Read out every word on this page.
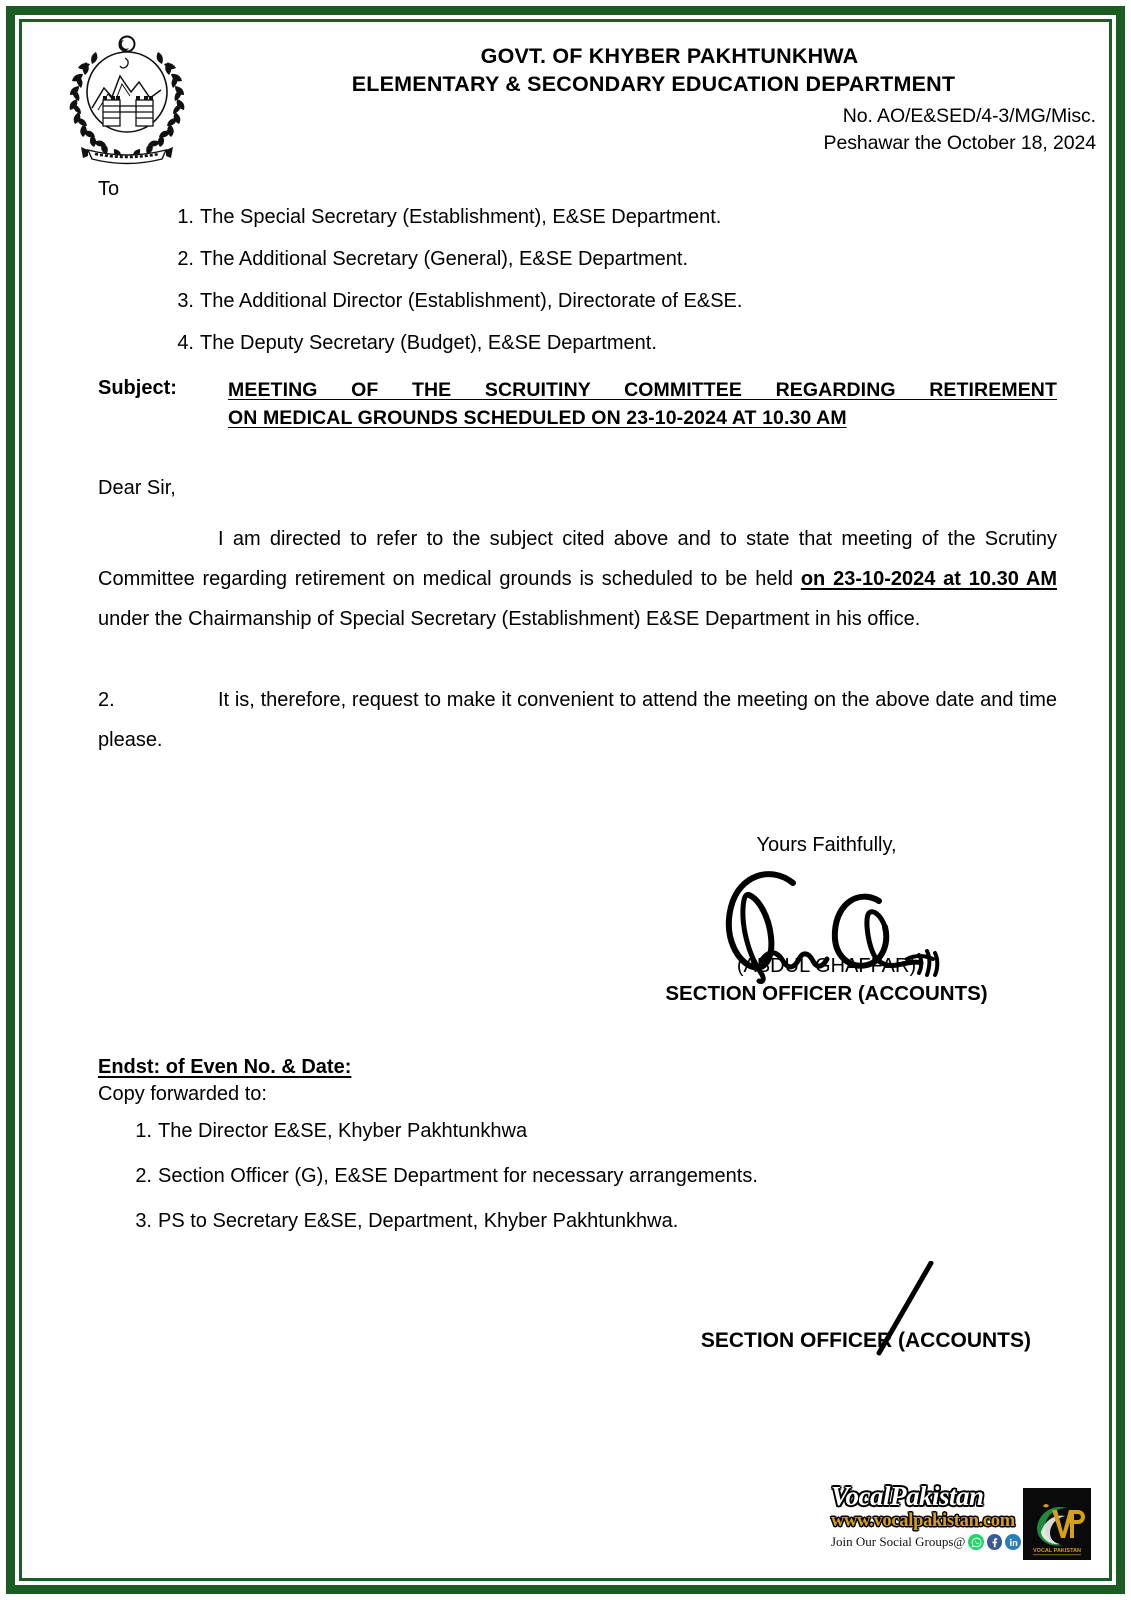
GOVT. OF KHYBER PAKHTUNKHWA
ELEMENTARY & SECONDARY EDUCATION DEPARTMENT
No. AO/E&SED/4-3/MG/Misc.
Peshawar the October 18, 2024
To
1. The Special Secretary (Establishment), E&SE Department.
2. The Additional Secretary (General), E&SE Department.
3. The Additional Director (Establishment), Directorate of E&SE.
4. The Deputy Secretary (Budget), E&SE Department.
Subject:	MEETING OF THE SCRUITINY COMMITTEE REGARDING RETIREMENT
ON MEDICAL GROUNDS SCHEDULED ON 23-10-2024 AT 10.30 AM
Dear Sir,

I am directed to refer to the subject cited above and to state that meeting of the Scrutiny Committee regarding retirement on medical grounds is scheduled to be held on 23-10-2024 at 10.30 AM under the Chairmanship of Special Secretary (Establishment) E&SE Department in his office.

2.	It is, therefore, request to make it convenient to attend the meeting on the above date and time please.

Yours Faithfully,
(ABDUL GHAFFAR)
SECTION OFFICER (ACCOUNTS)
Endst: of Even No. & Date:
Copy forwarded to:
1. The Director E&SE, Khyber Pakhtunkhwa
2. Section Officer (G), E&SE Department for necessary arrangements.
3. PS to Secretary E&SE, Department, Khyber Pakhtunkhwa.
SECTION OFFICER (ACCOUNTS)
VocalPakistan
www.vocalpakistan.com
Join Our Social Groups@
VOCAL PAKISTAN
